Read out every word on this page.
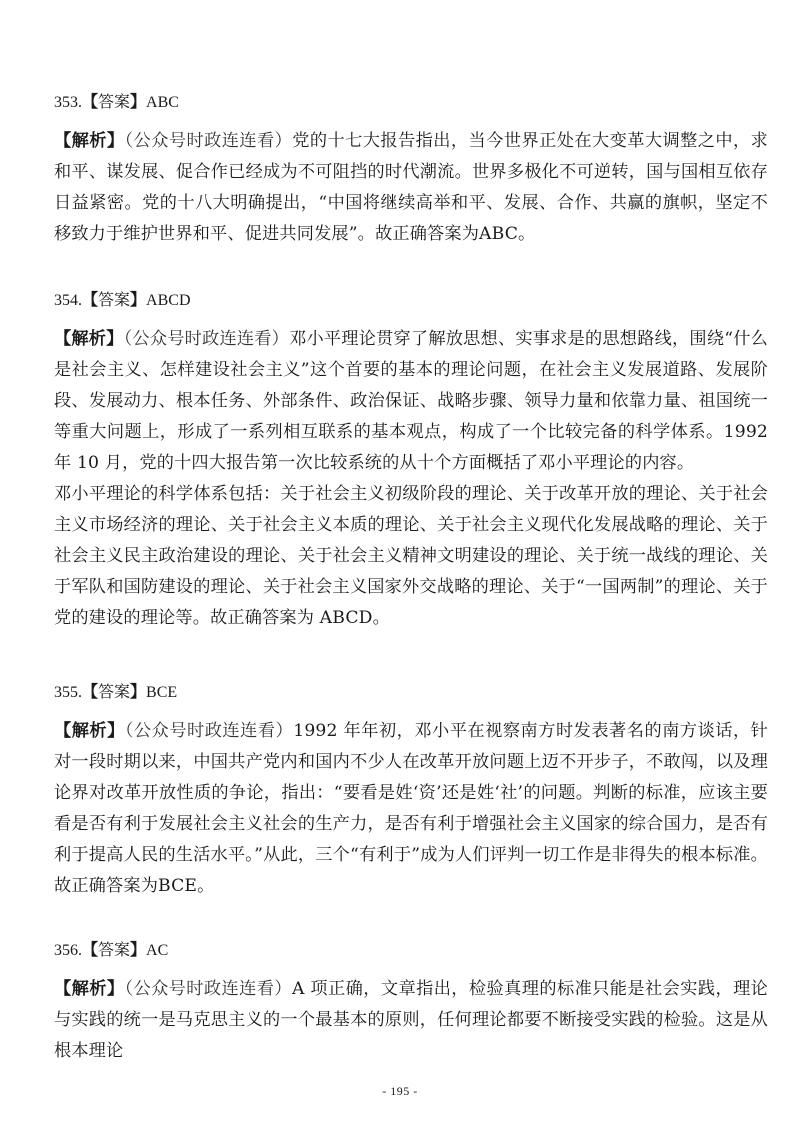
353.【答案】ABC

【解析】（公众号时政连连看）党的十七大报告指出，当今世界正处在大变革大调整之中，求和平、谋发展、促合作已经成为不可阻挡的时代潮流。世界多极化不可逆转，国与国相互依存日益紧密。党的十八大明确提出，“中国将继续高举和平、发展、合作、共赢的旗帜，坚定不移致力于维护世界和平、促进共同发展”。故正确答案为ABC。

354.【答案】ABCD

【解析】（公众号时政连连看）邓小平理论贯穿了解放思想、实事求是的思想路线，围绕“什么是社会主义、怎样建设社会主义”这个首要的基本的理论问题，在社会主义发展道路、发展阶段、发展动力、根本任务、外部条件、政治保证、战略步骤、领导力量和依靠力量、祖国统一等重大问题上，形成了一系列相互联系的基本观点，构成了一个比较完备的科学体系。1992 年 10 月，党的十四大报告第一次比较系统的从十个方面概括了邓小平理论的内容。

邓小平理论的科学体系包括：关于社会主义初级阶段的理论、关于改革开放的理论、关于社会主义市场经济的理论、关于社会主义本质的理论、关于社会主义现代化发展战略的理论、关于社会主义民主政治建设的理论、关于社会主义精神文明建设的理论、关于统一战线的理论、关于军队和国防建设的理论、关于社会主义国家外交战略的理论、关于“一国两制”的理论、关于党的建设的理论等。故正确答案为 ABCD。

355.【答案】BCE

【解析】（公众号时政连连看）1992 年年初，邓小平在视察南方时发表著名的南方谈话，针对一段时期以来，中国共产党内和国内不少人在改革开放问题上迈不开步子，不敢闯，以及理论界对改革开放性质的争论，指出：“要看是姓‘资’还是姓‘社’的问题。判断的标准，应该主要看是否有利于发展社会主义社会的生产力，是否有利于增强社会主义国家的综合国力，是否有利于提高人民的生活水平。”从此，三个“有利于”成为人们评判一切工作是非得失的根本标准。故正确答案为BCE。

356.【答案】AC

【解析】（公众号时政连连看）A 项正确，文章指出，检验真理的标准只能是社会实践，理论与实践的统一是马克思主义的一个最基本的原则，任何理论都要不断接受实践的检验。这是从根本理论

- 195 -
